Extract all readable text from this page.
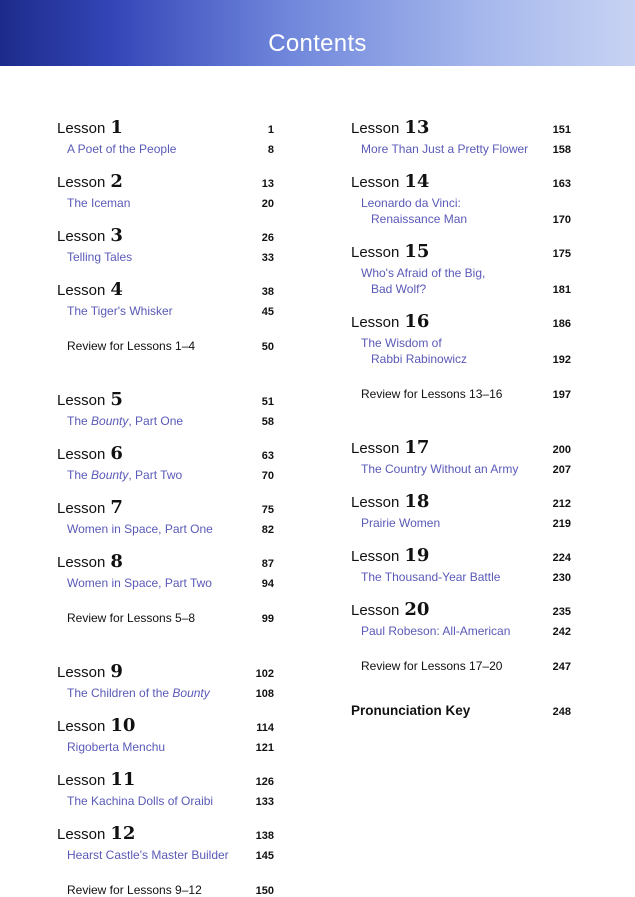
Contents
Lesson 1	1
A Poet of the People	8
Lesson 2	13
The Iceman	20
Lesson 3	26
Telling Tales	33
Lesson 4	38
The Tiger's Whisker	45
Review for Lessons 1–4	50
Lesson 5	51
The Bounty, Part One	58
Lesson 6	63
The Bounty, Part Two	70
Lesson 7	75
Women in Space, Part One	82
Lesson 8	87
Women in Space, Part Two	94
Review for Lessons 5–8	99
Lesson 9	102
The Children of the Bounty	108
Lesson 10	114
Rigoberta Menchu	121
Lesson 11	126
The Kachina Dolls of Oraibi	133
Lesson 12	138
Hearst Castle's Master Builder 145
Review for Lessons 9–12	150
Lesson 13	151
More Than Just a Pretty Flower 158
Lesson 14	163
Leonardo da Vinci:
Renaissance Man	170
Lesson 15	175
Who's Afraid of the Big,
Bad Wolf?	181
Lesson 16	186
The Wisdom of
Rabbi Rabinowicz	192
Review for Lessons 13–16	197
Lesson 17	200
The Country Without an Army	207
Lesson 18	212
Prairie Women	219
Lesson 19	224
The Thousand-Year Battle	230
Lesson 20	235
Paul Robeson: All-American	242
Review for Lessons 17–20	247
Pronunciation Key	248
